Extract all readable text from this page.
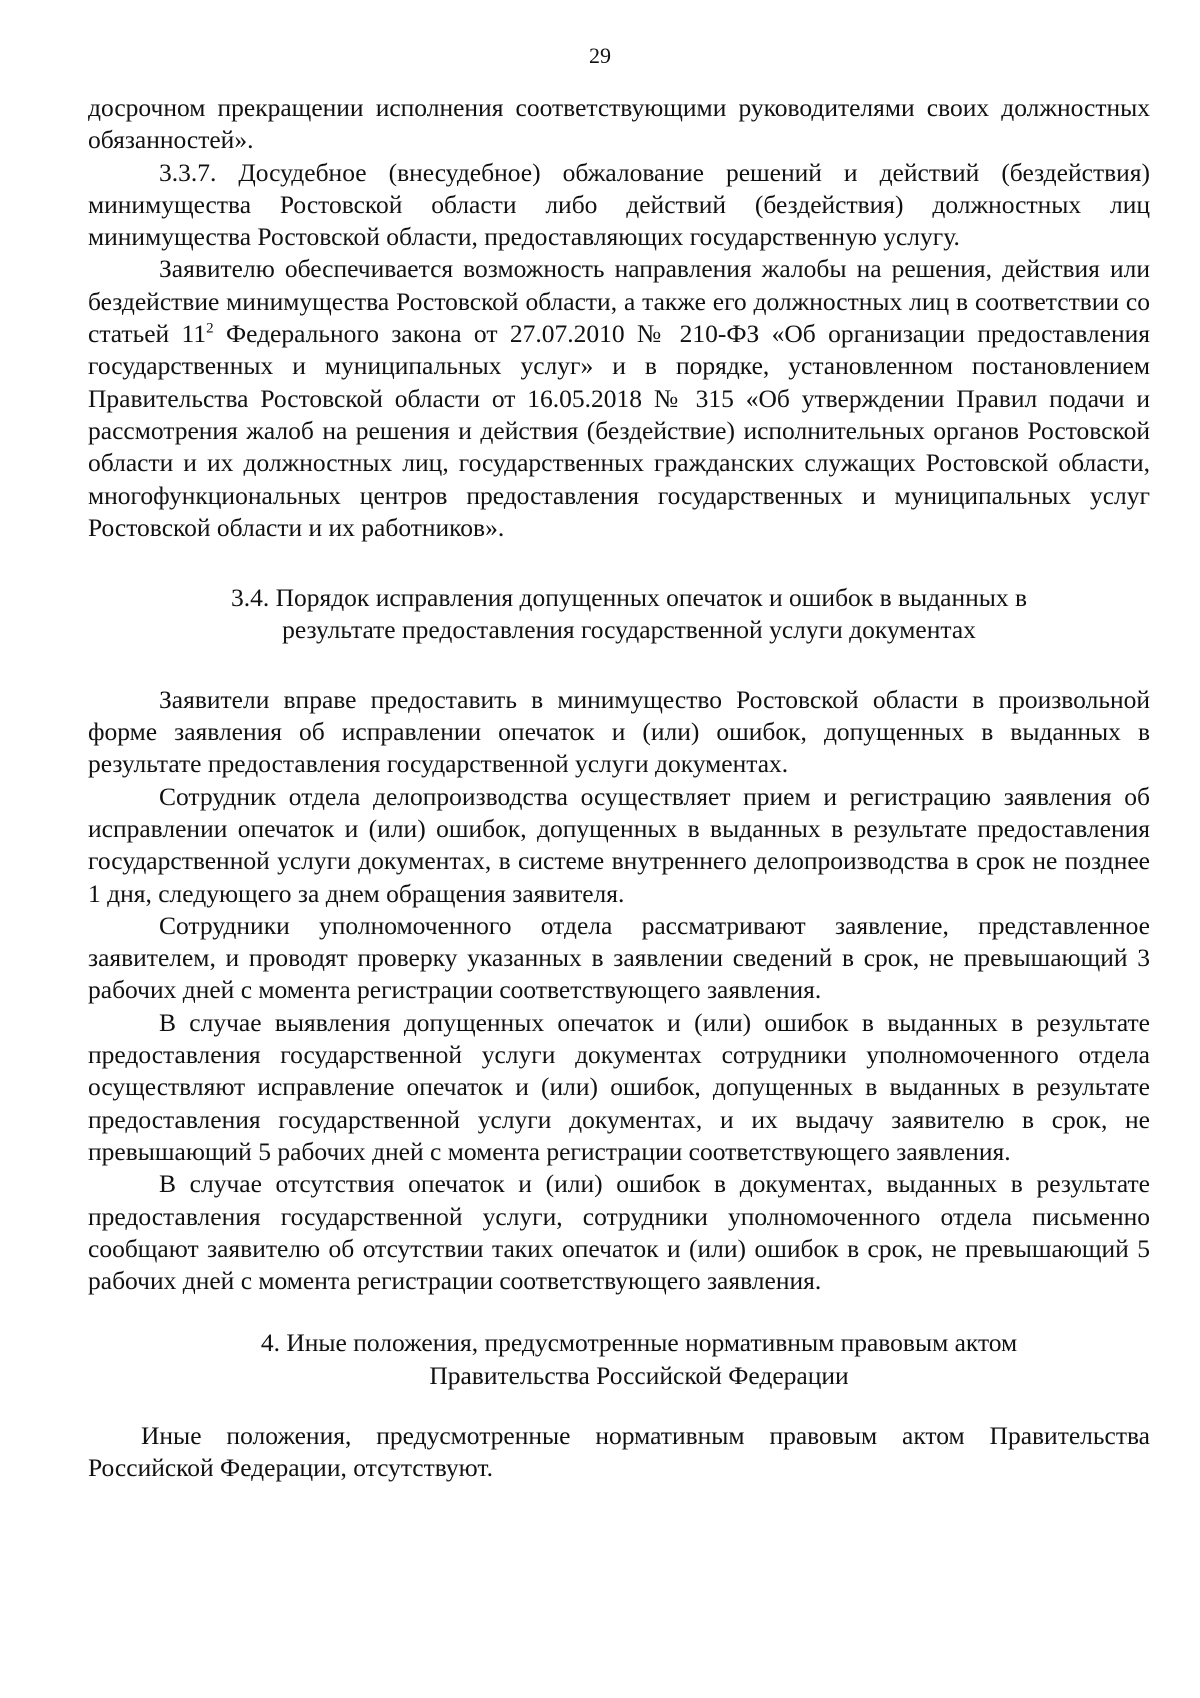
29

досрочном прекращении исполнения соответствующими руководителями своих должностных обязанностей».

3.3.7. Досудебное (внесудебное) обжалование решений и действий (бездействия) минимущества Ростовской области либо действий (бездействия) должностных лиц минимущества Ростовской области, предоставляющих государственную услугу.

Заявителю обеспечивается возможность направления жалобы на решения, действия или бездействие минимущества Ростовской области, а также его должностных лиц в соответствии со статьей $11^2$ Федерального закона от 27.07.2010 № 210-ФЗ «Об организации предоставления государственных и муниципальных услуг» и в порядке, установленном постановлением Правительства Ростовской области от 16.05.2018 № 315 «Об утверждении Правил подачи и рассмотрения жалоб на решения и действия (бездействие) исполнительных органов Ростовской области и их должностных лиц, государственных гражданских служащих Ростовской области, многофункциональных центров предоставления государственных и муниципальных услуг Ростовской области и их работников».

3.4. Порядок исправления допущенных опечаток и ошибок в выданных в
результате предоставления государственной услуги документах

Заявители вправе предоставить в минимущество Ростовской области в произвольной форме заявления об исправлении опечаток и (или) ошибок, допущенных в выданных в результате предоставления государственной услуги документах.

Сотрудник отдела делопроизводства осуществляет прием и регистрацию заявления об исправлении опечаток и (или) ошибок, допущенных в выданных в результате предоставления государственной услуги документах, в системе внутреннего делопроизводства в срок не позднее 1 дня, следующего за днем обращения заявителя.

Сотрудники уполномоченного отдела рассматривают заявление, представленное заявителем, и проводят проверку указанных в заявлении сведений в срок, не превышающий 3 рабочих дней с момента регистрации соответствующего заявления.

В случае выявления допущенных опечаток и (или) ошибок в выданных в результате предоставления государственной услуги документах сотрудники уполномоченного отдела осуществляют исправление опечаток и (или) ошибок, допущенных в выданных в результате предоставления государственной услуги документах, и их выдачу заявителю в срок, не превышающий 5 рабочих дней с момента регистрации соответствующего заявления.

В случае отсутствия опечаток и (или) ошибок в документах, выданных в результате предоставления государственной услуги, сотрудники уполномоченного отдела письменно сообщают заявителю об отсутствии таких опечаток и (или) ошибок в срок, не превышающий 5 рабочих дней с момента регистрации соответствующего заявления.

4. Иные положения, предусмотренные нормативным правовым актом
Правительства Российской Федерации

Иные положения, предусмотренные нормативным правовым актом Правительства Российской Федерации, отсутствуют.
